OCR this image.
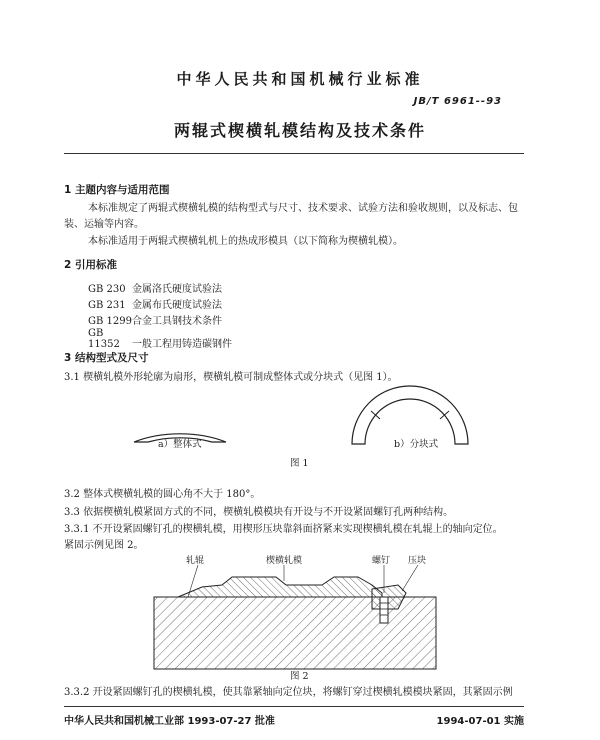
中华人民共和国机械行业标准
JB/T 6961--93
两辊式楔横轧模结构及技术条件
1 主题内容与适用范围
本标准规定了两辊式楔横轧模的结构型式与尺寸、技术要求、试验方法和验收规则，以及标志、包
装、运输等内容。
本标准适用于两辊式楔横轧机上的热成形模具（以下简称为楔横轧模）。
2 引用标准
GB 230 金属洛氏硬度试验法
GB 231 金属布氏硬度试验法
GB 1299合金工具钢技术条件
GB 11352 一般工程用铸造碳钢件
3 结构型式及尺寸
3.1 楔横轧模外形轮廓为扇形，楔横轧模可制成整体式或分块式（见图 1）。
a）整体式	b）分块式
图 1
3.2 整体式楔横轧模的圆心角不大于 180°。
3.3 依据楔横轧模紧固方式的不同，楔横轧模模块有开设与不开设紧固螺钉孔两种结构。
3.3.1 不开设紧固螺钉孔的楔横轧模，用楔形压块靠斜面挤紧来实现楔横轧模在轧辊上的轴向定位。
紧固示例见图 2。
轧辊	楔横轧模	螺钉 压块
图 2
3.3.2 开设紧固螺钉孔的楔横轧模，使其靠紧轴向定位块，将螺钉穿过楔横轧模模块紧固，其紧固示例
中华人民共和国机械工业部 1993-07-27 批准	1994-07-01 实施
